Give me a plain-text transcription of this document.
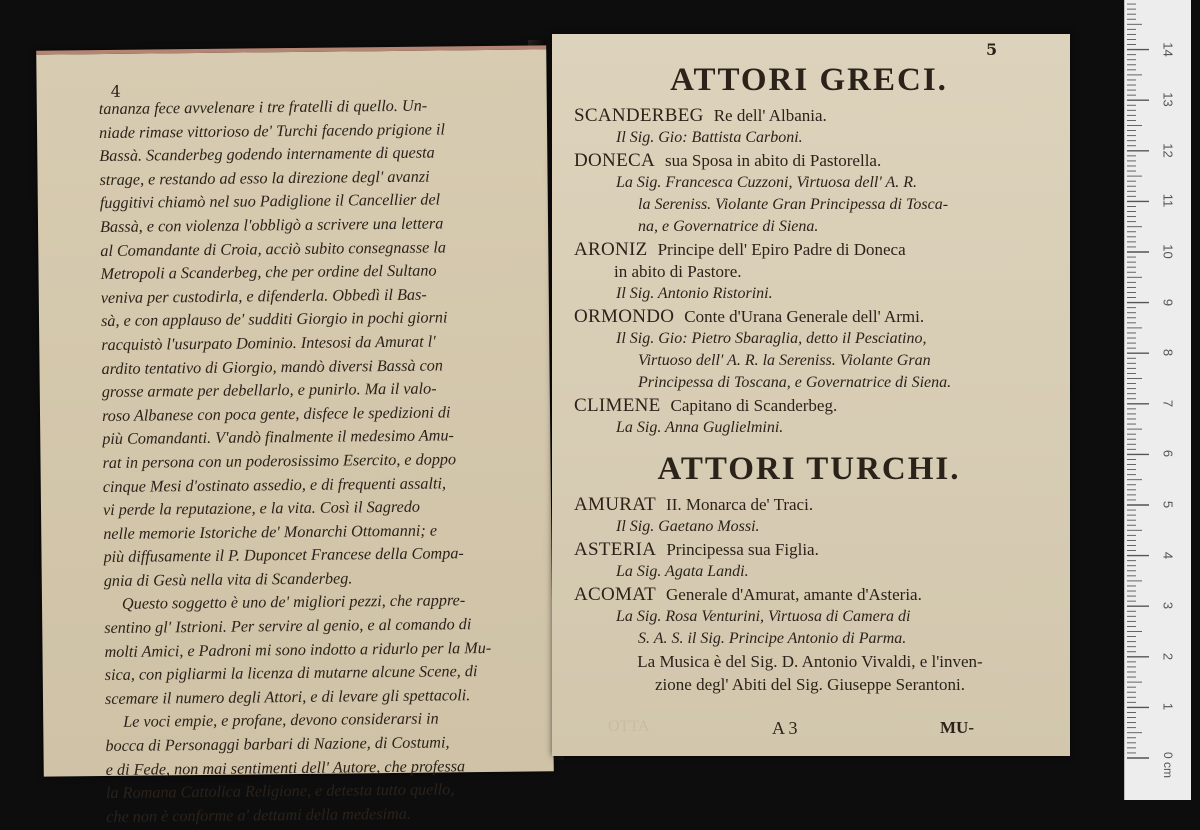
4
tananza fece avvelenare i tre fratelli di quello. Un-
niade rimase vittorioso de' Turchi facendo prigione il
Bassà. Scanderbeg godendo internamente di questa
strage, e restando ad esso la direzione degl' avanzi
fuggitivi chiamò nel suo Padiglione il Cancellier del
Bassà, e con violenza l'obbligò a scrivere una lettera
al Comandante di Croia, acciò subito consegnasse la
Metropoli a Scanderbeg, che per ordine del Sultano
veniva per custodirla, e difenderla. Obbedì il Bas-
sà, e con applauso de' sudditi Giorgio in pochi giorni
racquistò l'usurpato Dominio. Intesosi da Amurat l'
ardito tentativo di Giorgio, mandò diversi Bassà con
grosse armate per debellarlo, e punirlo. Ma il valo-
roso Albanese con poca gente, disfece le spedizioni di
più Comandanti. V'andò finalmente il medesimo Amu-
rat in persona con un poderosissimo Esercito, e doppo
cinque Mesi d'ostinato assedio, e di frequenti assalti,
vi perde la reputazione, e la vita. Così il Sagredo
nelle memorie Istoriche de' Monarchi Ottomanni; e
più diffusamente il P. Duponcet Francese della Compa-
gnia di Gesù nella vita di Scanderbeg.
Questo soggetto è uno de' migliori pezzi, che rappre-
sentino gl' Istrioni. Per servire al genio, e al comando di
molti Amici, e Padroni mi sono indotto a ridurlo per la Mu-
sica, con pigliarmi la licenza di mutarne alcune Scene, di
scemare il numero degli Attori, e di levare gli spettacoli.
Le voci empie, e profane, devono considerarsi in
bocca di Personaggi barbari di Nazione, di Costumi,
e di Fede, non mai sentimenti dell' Autore, che professa
la Romana Cattolica Religione, e detesta tutto quello,
che non è conforme a' dettami della medesima.
5
ATTORI GRECI.
SCANDERBEG Re dell' Albania.
Il Sig. Gio: Battista Carboni.
DONECA sua Sposa in abito di Pastorella.
La Sig. Francesca Cuzzoni, Virtuosa dell' A. R.
la Sereniss. Violante Gran Principessa di Tosca-
na, e Governatrice di Siena.
ARONIZ Principe dell' Epiro Padre di Doneca
in abito di Pastore.
Il Sig. Antonio Ristorini.
ORMONDO Conte d'Urana Generale dell' Armi.
Il Sig. Gio: Pietro Sbaraglia, detto il Pesciatino,
Virtuoso dell' A. R. la Sereniss. Violante Gran
Principessa di Toscana, e Governatrice di Siena.
CLIMENE Capitano di Scanderbeg.
La Sig. Anna Guglielmini.
ATTORI TURCHI.
AMURAT II. Monarca de' Traci.
Il Sig. Gaetano Mossi.
ASTERIA Principessa sua Figlia.
La Sig. Agata Landi.
ACOMAT Generale d'Amurat, amante d'Asteria.
La Sig. Rosa Venturini, Virtuosa di Camera di
S. A. S. il Sig. Principe Antonio di Parma.
La Musica è del Sig. D. Antonio Vivaldi, e l'inven-
zione degl' Abiti del Sig. Giuseppe Serantoni.
OTTA	A 3	MU-
1
2
3
4
5
6
7
8
9
10
11
12
13
14
0 cm
